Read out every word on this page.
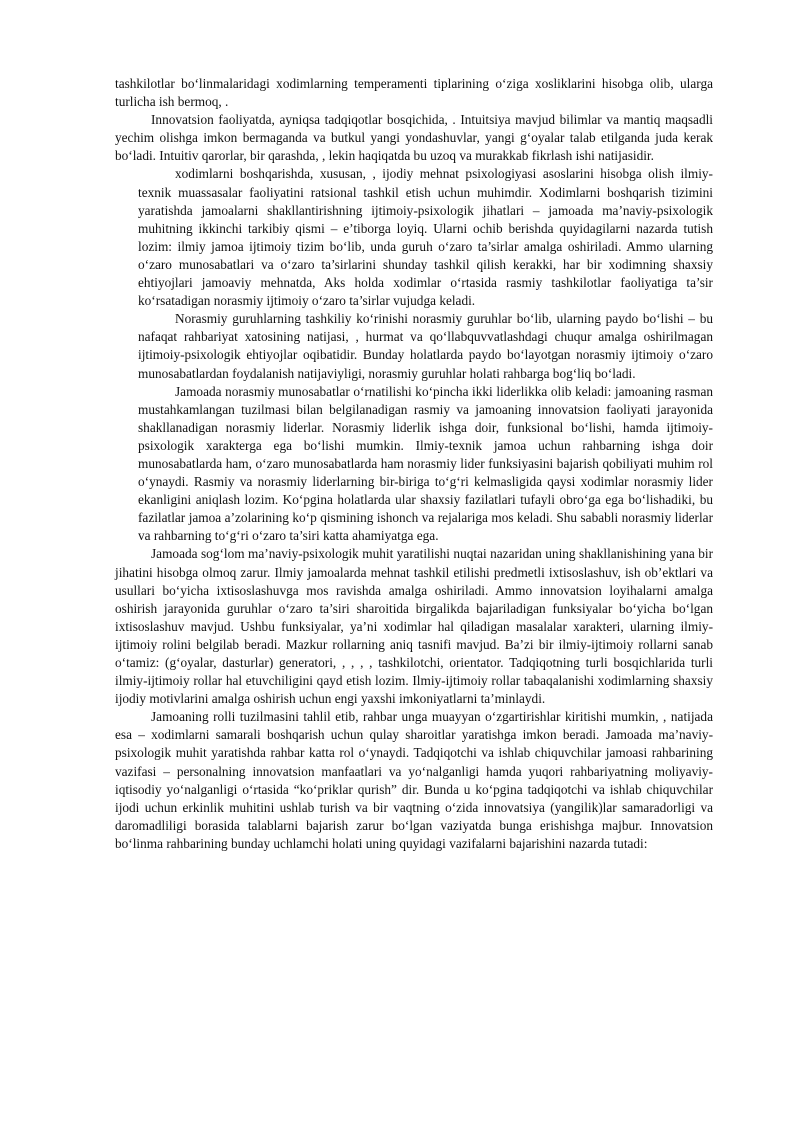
tashkilotlar bo‘linmalaridagi xodimlarning temperamenti tiplarining o‘ziga xosliklarini hisobga olib, ularga turlicha ish bermoq, .

Innovatsion faoliyatda, ayniqsa tadqiqotlar bosqichida, . Intuitsiya mavjud bilimlar va mantiq maqsadli yechim olishga imkon bermaganda va butkul yangi yondashuvlar, yangi g‘oyalar talab etilganda juda kerak bo‘ladi. Intuitiv qarorlar, bir qarashda, , lekin haqiqatda bu uzoq va murakkab fikrlash ishi natijasidir.

xodimlarni boshqarishda, xususan, , ijodiy mehnat psixologiyasi asoslarini hisobga olish ilmiy-texnik muassasalar faoliyatini ratsional tashkil etish uchun muhimdir. Xodimlarni boshqarish tizimini yaratishda jamoalarni shakllantirishning ijtimoiy-psixologik jihatlari – jamoada ma’naviy-psixologik muhitning ikkinchi tarkibiy qismi – e’tiborga loyiq. Ularni ochib berishda quyidagilarni nazarda tutish lozim: ilmiy jamoa ijtimoiy tizim bo‘lib, unda guruh o‘zaro ta’sirlar amalga oshiriladi. Ammo ularning o‘zaro munosabatlari va o‘zaro ta’sirlarini shunday tashkil qilish kerakki, har bir xodimning shaxsiy ehtiyojlari jamoaviy mehnatda, Aks holda xodimlar o‘rtasida rasmiy tashkilotlar faoliyatiga ta’sir ko‘rsatadigan norasmiy ijtimoiy o‘zaro ta’sirlar vujudga keladi.

Norasmiy guruhlarning tashkiliy ko‘rinishi norasmiy guruhlar bo‘lib, ularning paydo bo‘lishi – bu nafaqat rahbariyat xatosining natijasi, , hurmat va qo‘llabquvvatlashdagi chuqur amalga oshirilmagan ijtimoiy-psixologik ehtiyojlar oqibatidir. Bunday holatlarda paydo bo‘layotgan norasmiy ijtimoiy o‘zaro munosabatlardan foydalanish natijaviyligi, norasmiy guruhlar holati rahbarga bog‘liq bo‘ladi.

Jamoada norasmiy munosabatlar o‘rnatilishi ko‘pincha ikki liderlikka olib keladi: jamoaning rasman mustahkamlangan tuzilmasi bilan belgilanadigan rasmiy va jamoaning innovatsion faoliyati jarayonida shakllanadigan norasmiy liderlar. Norasmiy liderlik ishga doir, funksional bo‘lishi, hamda ijtimoiy-psixologik xarakterga ega bo‘lishi mumkin. Ilmiy-texnik jamoa uchun rahbarning ishga doir munosabatlarda ham, o‘zaro munosabatlarda ham norasmiy lider funksiyasini bajarish qobiliyati muhim rol o‘ynaydi. Rasmiy va norasmiy liderlarning bir-biriga to‘g‘ri kelmasligida qaysi xodimlar norasmiy lider ekanligini aniqlash lozim. Ko‘pgina holatlarda ular shaxsiy fazilatlari tufayli obro‘ga ega bo‘lishadiki, bu fazilatlar jamoa a’zolarining ko‘p qismining ishonch va rejalariga mos keladi. Shu sababli norasmiy liderlar va rahbarning to‘g‘ri o‘zaro ta’siri katta ahamiyatga ega.

Jamoada sog‘lom ma’naviy-psixologik muhit yaratilishi nuqtai nazaridan uning shakllanishining yana bir jihatini hisobga olmoq zarur. Ilmiy jamoalarda mehnat tashkil etilishi predmetli ixtisoslashuv, ish ob’ektlari va usullari bo‘yicha ixtisoslashuvga mos ravishda amalga oshiriladi. Ammo innovatsion loyihalarni amalga oshirish jarayonida guruhlar o‘zaro ta’siri sharoitida birgalikda bajariladigan funksiyalar bo‘yicha bo‘lgan ixtisoslashuv mavjud. Ushbu funksiyalar, ya’ni xodimlar hal qiladigan masalalar xarakteri, ularning ilmiy-ijtimoiy rolini belgilab beradi. Mazkur rollarning aniq tasnifi mavjud. Ba’zi bir ilmiy-ijtimoiy rollarni sanab o‘tamiz: (g‘oyalar, dasturlar) generatori, , , , , tashkilotchi, orientator. Tadqiqotning turli bosqichlarida turli ilmiy-ijtimoiy rollar hal etuvchiligini qayd etish lozim. Ilmiy-ijtimoiy rollar tabaqalanishi xodimlarning shaxsiy ijodiy motivlarini amalga oshirish uchun engi yaxshi imkoniyatlarni ta’minlaydi.

Jamoaning rolli tuzilmasini tahlil etib, rahbar unga muayyan o‘zgartirishlar kiritishi mumkin, , natijada esa – xodimlarni samarali boshqarish uchun qulay sharoitlar yaratishga imkon beradi. Jamoada ma’naviy-psixologik muhit yaratishda rahbar katta rol o‘ynaydi. Tadqiqotchi va ishlab chiquvchilar jamoasi rahbarining vazifasi – personalning innovatsion manfaatlari va yo‘nalganligi hamda yuqori rahbariyatning moliyaviy-iqtisodiy yo‘nalganligi o‘rtasida “ko‘priklar qurish” dir. Bunda u ko‘pgina tadqiqotchi va ishlab chiquvchilar ijodi uchun erkinlik muhitini ushlab turish va bir vaqtning o‘zida innovatsiya (yangilik)lar samaradorligi va daromadliligi borasida talablarni bajarish zarur bo‘lgan vaziyatda bunga erishishga majbur. Innovatsion bo‘linma rahbarining bunday uchlamchi holati uning quyidagi vazifalarni bajarishini nazarda tutadi:
